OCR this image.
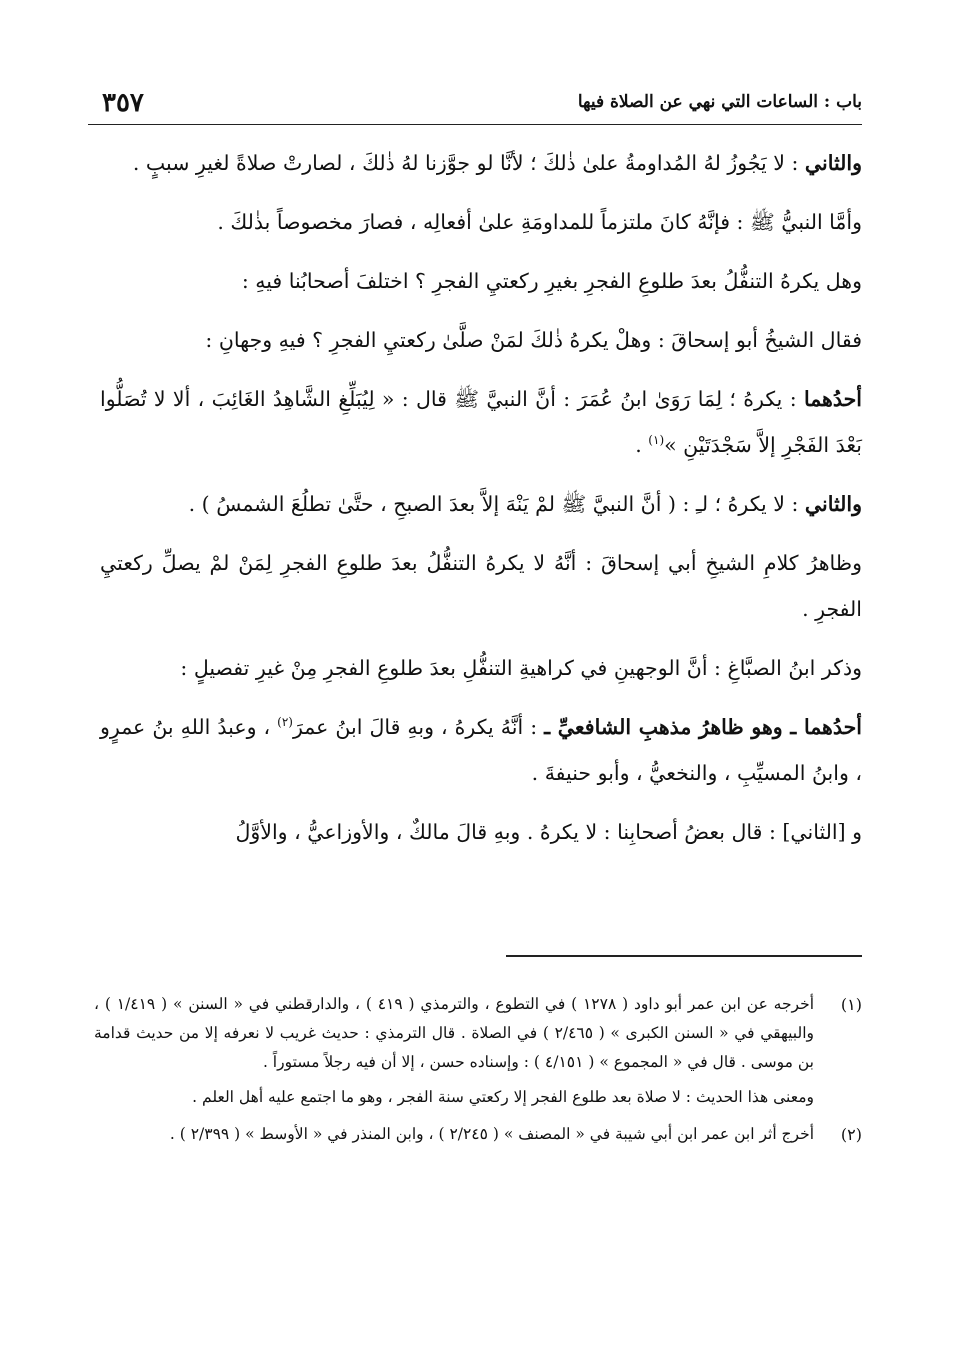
باب : الساعات التي نهي عن الصلاة فيها
٣٥٧

والثاني : لا يَجُوزُ لهُ المُداومةُ علىٰ ذٰلكَ ؛ لأنَّا لو جوَّزنا لهُ ذٰلكَ ، لصارتْ صلاةً لغيرِ سببٍ .

وأمَّا النبيُّ ﷺ : فإنَّهُ كانَ ملتزماً للمداومَةِ علىٰ أفعالِه ، فصارَ مخصوصاً بذٰلكَ .

وهل يكرهُ التنفُّلُ بعدَ طلوعِ الفجرِ بغيرِ ركعتيِ الفجرِ ؟ اختلفَ أصحابُنا فيهِ :

فقال الشيخُ أبو إسحاقَ : وهلْ يكرهُ ذٰلكَ لمَنْ صلَّىٰ ركعتيِ الفجرِ ؟ فيهِ وجهانِ :

أحدُهما : يكرهُ ؛ لِمَا رَوَىٰ ابنُ عُمَرَ : أنَّ النبيَّ ﷺ قال : « لِيُبَلِّغِ الشَّاهِدُ الغَائِبَ ، ألا لا تُصَلُّوا بَعْدَ الفَجْرِ إلاَّ سَجْدَتَيْنِ »$^{(١)}$ .

والثاني : لا يكرهُ ؛ لـِ : ( أنَّ النبيَّ ﷺ لمْ يَنْهَ إلاَّ بعدَ الصبحِ ، حتَّىٰ تطلُعَ الشمسُ ) .

وظاهرُ كلامِ الشيخِ أبي إسحاقَ : أنَّهُ لا يكرهُ التنفُّلُ بعدَ طلوعِ الفجرِ لِمَنْ لمْ يصلِّ ركعتيِ الفجرِ .

وذكر ابنُ الصبَّاغِ : أنَّ الوجهينِ في كراهيةِ التنفُّلِ بعدَ طلوعِ الفجرِ مِنْ غيرِ تفصيلٍ :

أحدُهما ـ وهو ظاهرُ مذهبِ الشافعيِّ ـ : أنَّهُ يكرهُ ، وبهِ قالَ ابنُ عمرَ$^{(٢)}$ ، وعبدُ اللهِ بنُ عمرٍو ، وابنُ المسيِّبِ ، والنخعيُّ ، وأبو حنيفةَ .

و [الثاني] : قال بعضُ أصحابِنا : لا يكرهُ . وبهِ قالَ مالكٌ ، والأوزاعيُّ ، والأوَّلُ

(١)

أخرجه عن ابن عمر أبو داود ( ١٢٧٨ ) في التطوع ، والترمذي ( ٤١٩ ) ، والدارقطني في « السنن » ( ١/٤١٩ ) ، والبيهقي في « السنن الكبرى » ( ٢/٤٦٥ ) في الصلاة . قال الترمذي : حديث غريب لا نعرفه إلا من حديث قدامة بن موسى . قال في « المجموع » ( ٤/١٥١ ) : وإسناده حسن ، إلا أن فيه رجلاً مستوراً .

ومعنى هذا الحديث : لا صلاة بعد طلوع الفجر إلا ركعتي سنة الفجر ، وهو ما اجتمع عليه أهل العلم .

(٢)

أخرج أثر ابن عمر ابن أبي شيبة في « المصنف » ( ٢/٢٤٥ ) ، وابن المنذر في « الأوسط » ( ٢/٣٩٩ ) .
